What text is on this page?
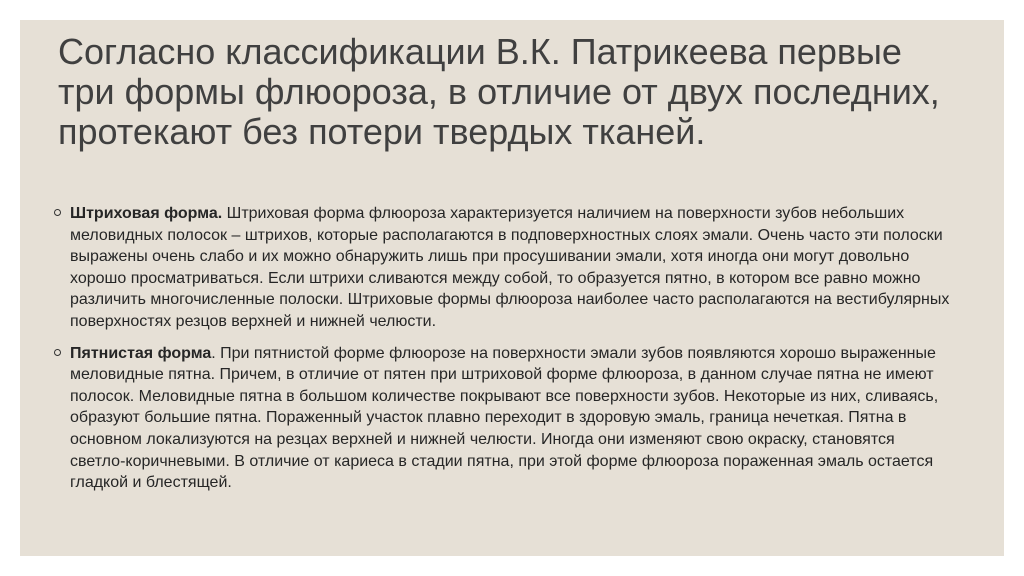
Согласно классификации В.К. Патрикеева первые три формы флюороза, в отличие от двух последних, протекают без потери твердых тканей.
Штриховая форма. Штриховая форма флюороза характеризуется наличием на поверхности зубов небольших меловидных полосок – штрихов, которые располагаются в подповерхностных слоях эмали. Очень часто эти полоски выражены очень слабо и их можно обнаружить лишь при просушивании эмали, хотя иногда они могут довольно хорошо просматриваться. Если штрихи сливаются между собой, то образуется пятно, в котором все равно можно различить многочисленные полоски. Штриховые формы флюороза наиболее часто располагаются на вестибулярных поверхностях резцов верхней и нижней челюсти.
Пятнистая форма. При пятнистой форме флюорозе на поверхности эмали зубов появляются хорошо выраженные меловидные пятна. Причем, в отличие от пятен при штриховой форме флюороза, в данном случае пятна не имеют полосок. Меловидные пятна в большом количестве покрывают все поверхности зубов. Некоторые из них, сливаясь, образуют большие пятна. Пораженный участок плавно переходит в здоровую эмаль, граница нечеткая. Пятна в основном локализуются на резцах верхней и нижней челюсти. Иногда они изменяют свою окраску, становятся светло-коричневыми. В отличие от кариеса в стадии пятна, при этой форме флюороза пораженная эмаль остается гладкой и блестящей.
